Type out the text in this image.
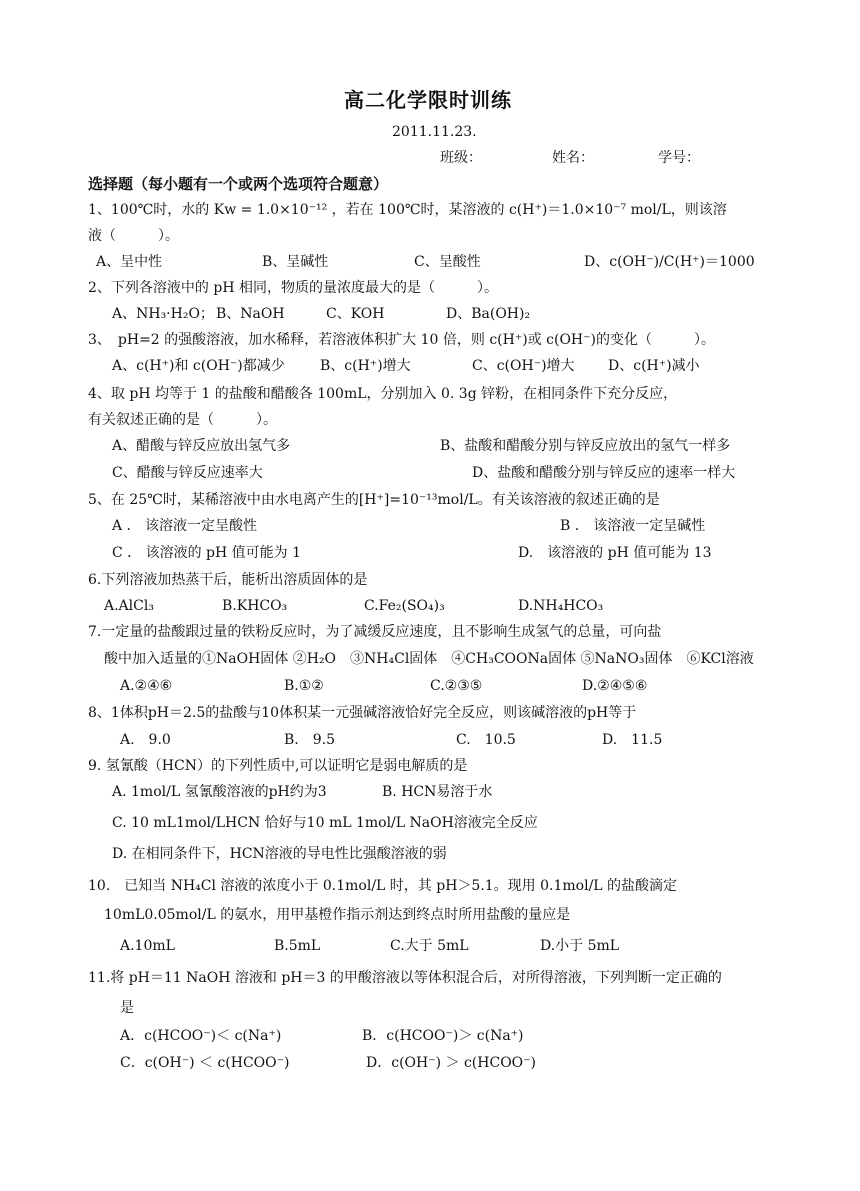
高二化学限时训练
2011.11.23.
班级：	姓名：	学号：
选择题（每小题有一个或两个选项符合题意）
1、100℃时，水的 Kw = 1.0×10⁻¹² ，若在 100℃时，某溶液的 c(H⁺)＝1.0×10⁻⁷ mol/L，则该溶
液（　　　）。
A、呈中性	B、呈碱性	C、呈酸性	D、c(OH⁻)/C(H⁺)＝1000
2、下列各溶液中的 pH 相同，物质的量浓度最大的是（　　　）。
A、NH₃·H₂O； B、NaOH	C、KOH	D、Ba(OH)₂
3、　pH=2 的强酸溶液，加水稀释，若溶液体积扩大 10 倍，则 c(H⁺)或 c(OH⁻)的变化（　　　）。
A、c(H⁺)和 c(OH⁻)都减少	B、c(H⁺)增大	C、c(OH⁻)增大 D、c(H⁺)减小
4、取 pH 均等于 1 的盐酸和醋酸各 100mL，分别加入 0. 3g 锌粉，在相同条件下充分反应，
有关叙述正确的是（　　　）。
A、醋酸与锌反应放出氢气多	B、盐酸和醋酸分别与锌反应放出的氢气一样多
C、醋酸与锌反应速率大	D、盐酸和醋酸分别与锌反应的速率一样大
5、在 25℃时，某稀溶液中由水电离产生的[H⁺]=10⁻¹³mol/L。有关该溶液的叙述正确的是
A ． 该溶液一定呈酸性	B ． 该溶液一定呈碱性
C ． 该溶液的 pH 值可能为 1	D.　该溶液的 pH 值可能为 13
6.下列溶液加热蒸干后，能析出溶质固体的是
A.AlCl₃	B.KHCO₃	C.Fe₂(SO₄)₃	D.NH₄HCO₃
7.一定量的盐酸跟过量的铁粉反应时，为了减缓反应速度，且不影响生成氢气的总量，可向盐
酸中加入适量的①NaOH固体 ②H₂O　③NH₄Cl固体　④CH₃COONa固体 ⑤NaNO₃固体　⑥KCl溶液
A.②④⑥	B.①②	C.②③⑤	D.②④⑤⑥
8、1体积pH＝2.5的盐酸与10体积某一元强碱溶液恰好完全反应，则该碱溶液的pH等于
A.　9.0	B.　9.5	C.　10.5	D.　11.5
9. 氢氰酸（HCN）的下列性质中,可以证明它是弱电解质的是
A. 1mol/L 氢氰酸溶液的pH约为3	B. HCN易溶于水
C. 10 mL1mol/LHCN 恰好与10 mL 1mol/L NaOH溶液完全反应
D. 在相同条件下，HCN溶液的导电性比强酸溶液的弱
10.　已知当 NH₄Cl 溶液的浓度小于 0.1mol/L 时，其 pH＞5.1。现用 0.1mol/L 的盐酸滴定
10mL0.05mol/L 的氨水，用甲基橙作指示剂达到终点时所用盐酸的量应是
A.10mL	B.5mL	C.大于 5mL	D.小于 5mL
11.将 pH＝11 NaOH 溶液和 pH＝3 的甲酸溶液以等体积混合后，对所得溶液，下列判断一定正确的
是
A．c(HCOO⁻)＜ c(Na⁺)	B．c(HCOO⁻)＞ c(Na⁺)
C．c(OH⁻) ＜ c(HCOO⁻)	D．c(OH⁻) ＞ c(HCOO⁻)
